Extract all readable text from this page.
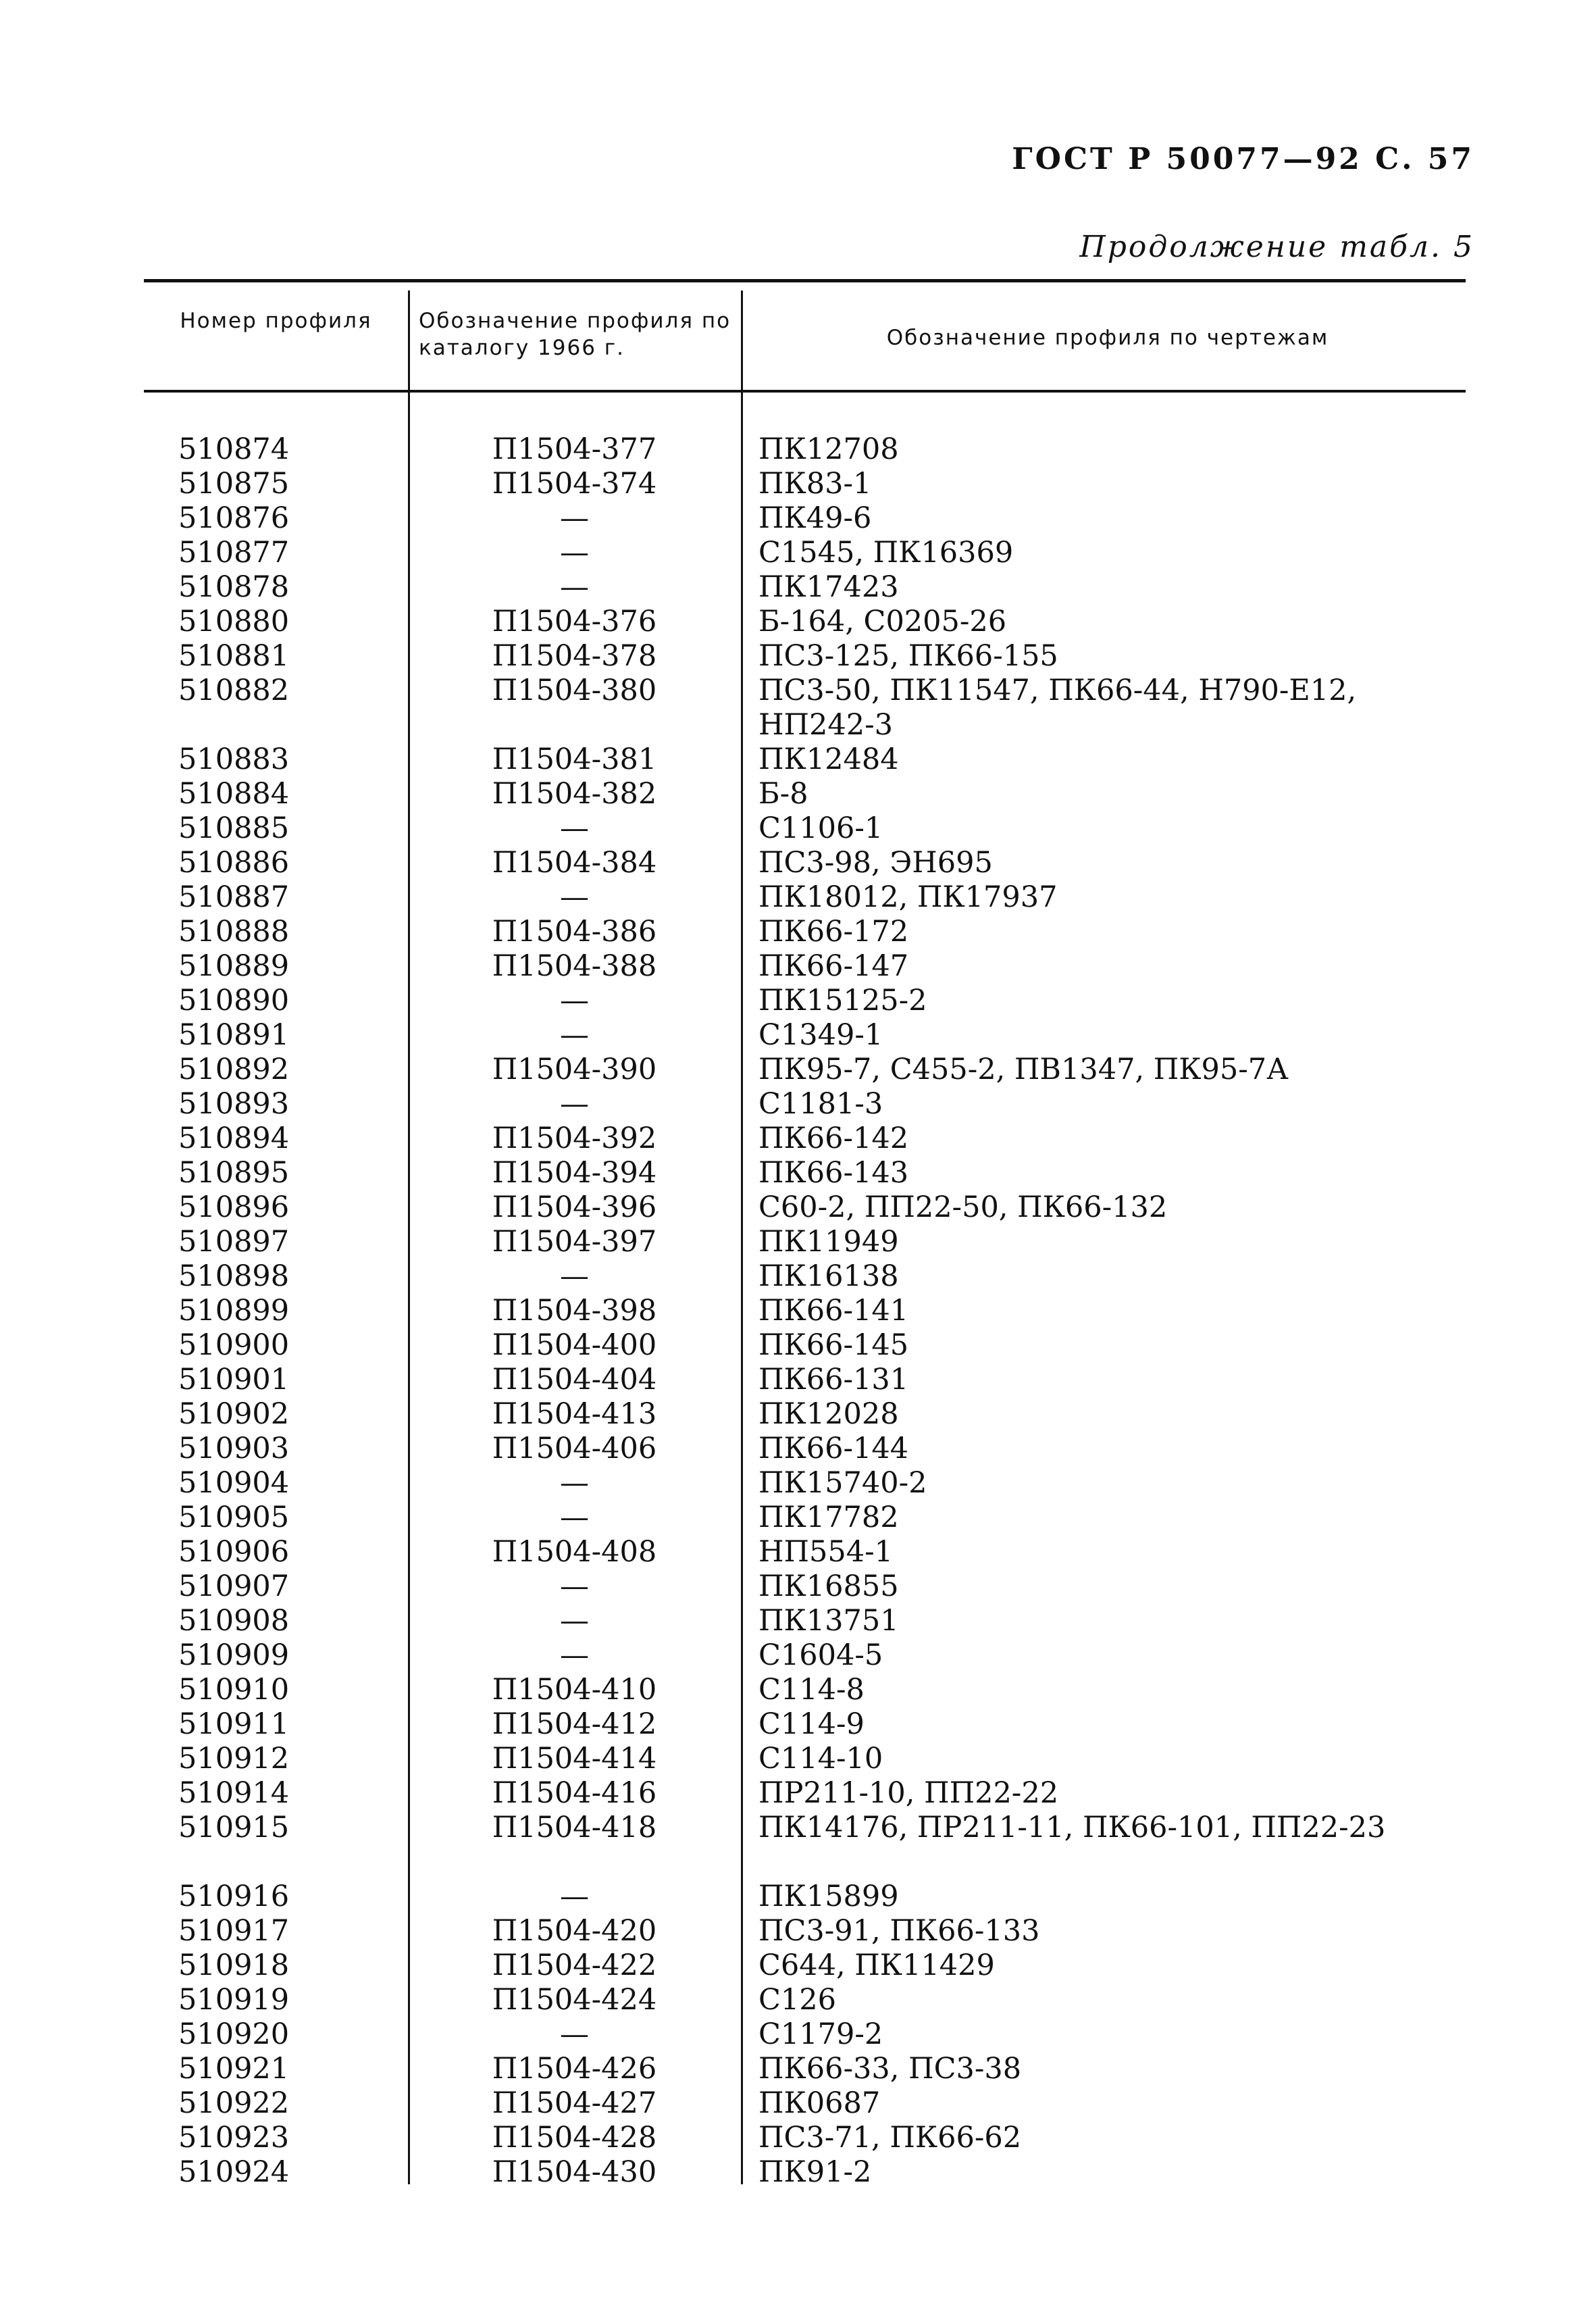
ГОСТ Р 50077—92 С. 57
Продолжение табл. 5
Номер профиля	Обозначение профиля по каталогу 1966 г.	Обозначение профиля по чертежам
510874	П1504-377	ПК12708
510875	П1504-374	ПК83-1
510876	—	ПК49-6
510877	—	С1545, ПК16369
510878	—	ПК17423
510880	П1504-376	Б-164, С0205-26
510881	П1504-378	ПС3-125, ПК66-155
510882	П1504-380	ПС3-50, ПК11547, ПК66-44, Н790-Е12, НП242-3
510883	П1504-381	ПК12484
510884	П1504-382	Б-8
510885	—	С1106-1
510886	П1504-384	ПС3-98, ЭН695
510887	—	ПК18012, ПК17937
510888	П1504-386	ПК66-172
510889	П1504-388	ПК66-147
510890	—	ПК15125-2
510891	—	С1349-1
510892	П1504-390	ПК95-7, С455-2, ПВ1347, ПК95-7А
510893	—	С1181-3
510894	П1504-392	ПК66-142
510895	П1504-394	ПК66-143
510896	П1504-396	С60-2, ПП22-50, ПК66-132
510897	П1504-397	ПК11949
510898	—	ПК16138
510899	П1504-398	ПК66-141
510900	П1504-400	ПК66-145
510901	П1504-404	ПК66-131
510902	П1504-413	ПК12028
510903	П1504-406	ПК66-144
510904	—	ПК15740-2
510905	—	ПК17782
510906	П1504-408	НП554-1
510907	—	ПК16855
510908	—	ПК13751
510909	—	С1604-5
510910	П1504-410	С114-8
510911	П1504-412	С114-9
510912	П1504-414	С114-10
510914	П1504-416	ПР211-10, ПП22-22
510915	П1504-418	ПК14176, ПР211-11, ПК66-101, ПП22-23
510916	—	ПК15899
510917	П1504-420	ПС3-91, ПК66-133
510918	П1504-422	С644, ПК11429
510919	П1504-424	С126
510920	—	С1179-2
510921	П1504-426	ПК66-33, ПС3-38
510922	П1504-427	ПК0687
510923	П1504-428	ПС3-71, ПК66-62
510924	П1504-430	ПК91-2
